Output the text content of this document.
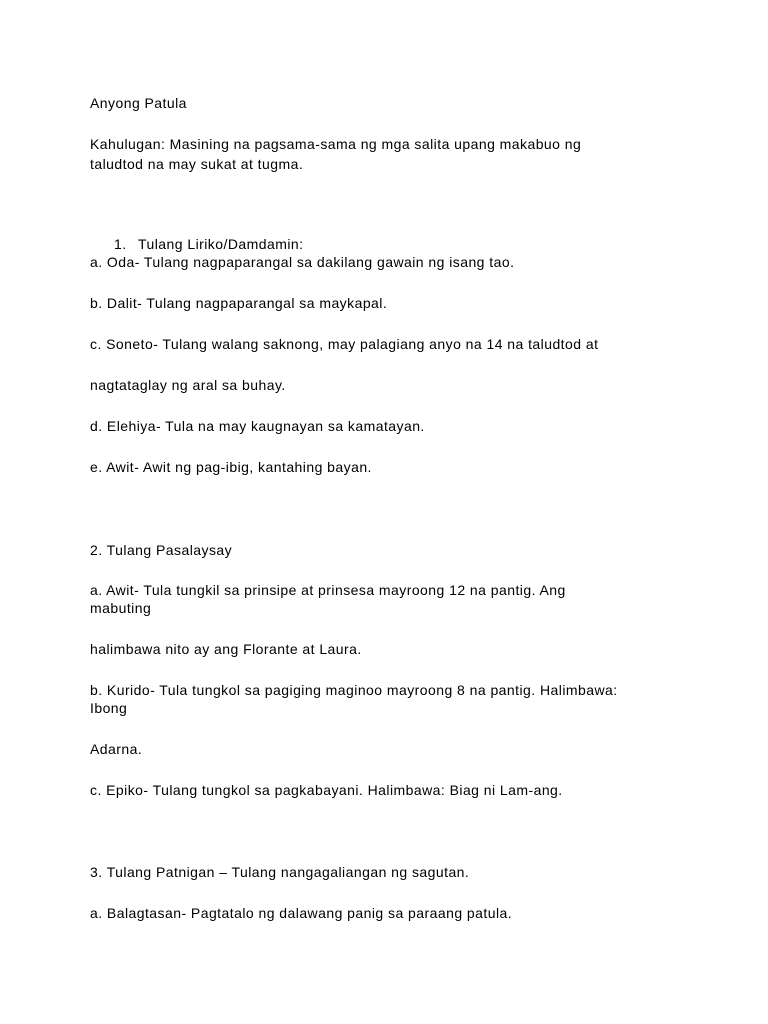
Anyong Patula
Kahulugan: Masining na pagsama-sama ng mga salita upang makabuo ng
taludtod na may sukat at tugma.
1. Tulang Liriko/Damdamin:
a. Oda- Tulang nagpaparangal sa dakilang gawain ng isang tao.
b. Dalit- Tulang nagpaparangal sa maykapal.
c. Soneto- Tulang walang saknong, may palagiang anyo na 14 na taludtod at
nagtataglay ng aral sa buhay.
d. Elehiya- Tula na may kaugnayan sa kamatayan.
e. Awit- Awit ng pag-ibig, kantahing bayan.
2. Tulang Pasalaysay
a. Awit- Tula tungkil sa prinsipe at prinsesa mayroong 12 na pantig. Ang
mabuting
halimbawa nito ay ang Florante at Laura.
b. Kurido- Tula tungkol sa pagiging maginoo mayroong 8 na pantig. Halimbawa:
Ibong
Adarna.
c. Epiko- Tulang tungkol sa pagkabayani. Halimbawa: Biag ni Lam-ang.
3. Tulang Patnigan – Tulang nangagaliangan ng sagutan.
a. Balagtasan- Pagtatalo ng dalawang panig sa paraang patula.
